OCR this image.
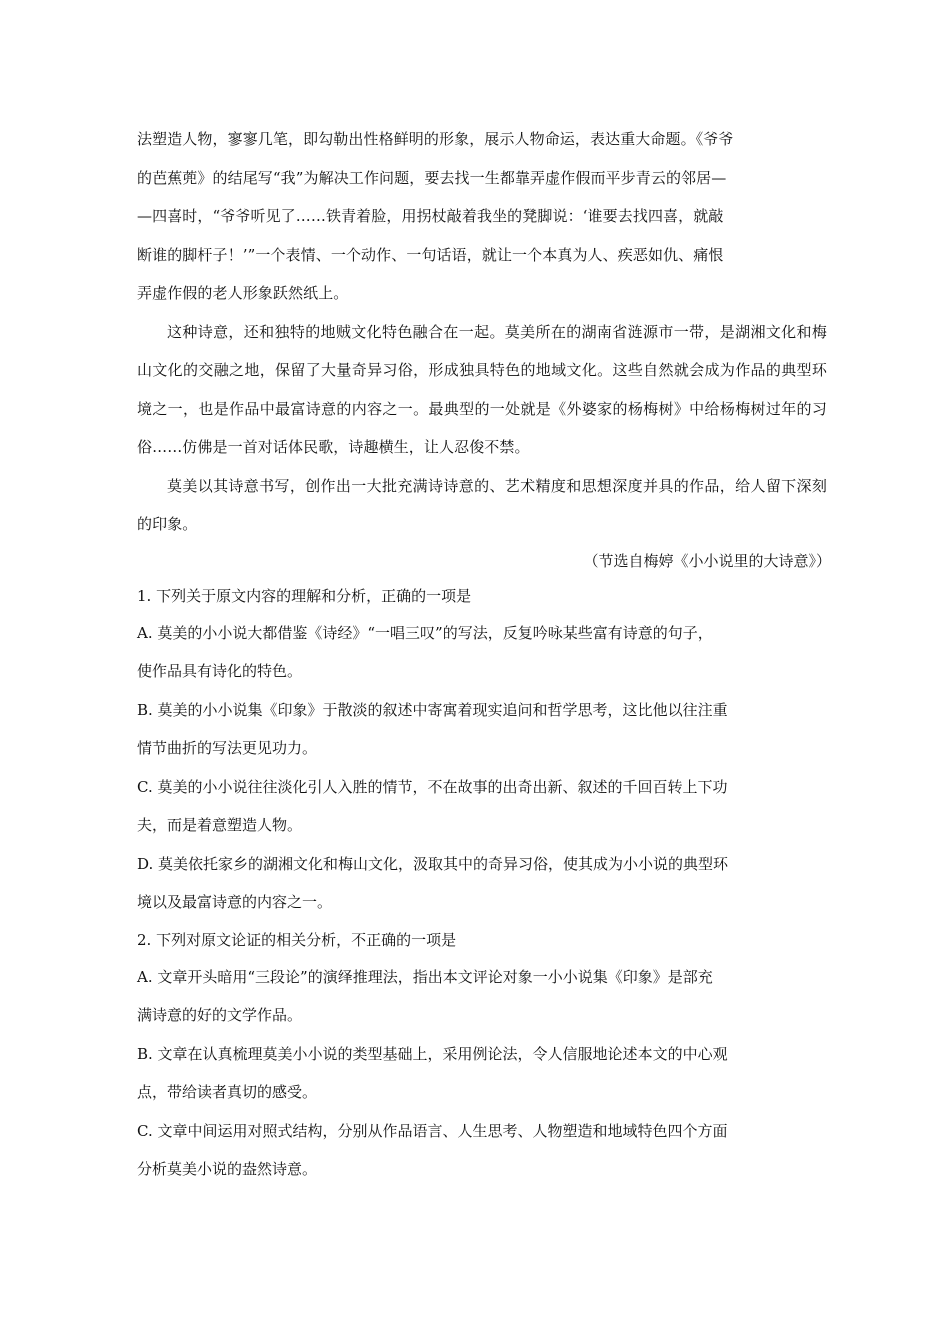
法塑造人物，寥寥几笔，即勾勒出性格鲜明的形象，展示人物命运，表达重大命题。《爷爷
的芭蕉蔸》的结尾写“我”为解决工作问题，要去找一生都靠弄虚作假而平步青云的邻居—
—四喜时，“爷爷听见了……铁青着脸，用拐杖敲着我坐的凳脚说：‘谁要去找四喜，就敲
断谁的脚杆子！’”一个表情、一个动作、一句话语，就让一个本真为人、疾恶如仇、痛恨
弄虚作假的老人形象跃然纸上。

这种诗意，还和独特的地贼文化特色融合在一起。莫美所在的湖南省涟源市一带，是湖湘文化和梅山文化的交融之地，保留了大量奇异习俗，形成独具特色的地域文化。这些自然就会成为作品的典型环境之一，也是作品中最富诗意的内容之一。最典型的一处就是《外婆家的杨梅树》中给杨梅树过年的习俗……仿佛是一首对话体民歌，诗趣横生，让人忍俊不禁。

莫美以其诗意书写，创作出一大批充满诗诗意的、艺术精度和思想深度并具的作品，给人留下深刻的印象。

（节选自梅婷《小小说里的大诗意》）

1. 下列关于原文内容的理解和分析，正确的一项是

A. 莫美的小小说大都借鉴《诗经》“一唱三叹”的写法，反复吟咏某些富有诗意的句子，
使作品具有诗化的特色。
B. 莫美的小小说集《印象》于散淡的叙述中寄寓着现实追问和哲学思考，这比他以往注重
情节曲折的写法更见功力。
C. 莫美的小小说往往淡化引人入胜的情节，不在故事的出奇出新、叙述的千回百转上下功
夫，而是着意塑造人物。
D. 莫美依托家乡的湖湘文化和梅山文化，汲取其中的奇异习俗，使其成为小小说的典型环
境以及最富诗意的内容之一。

2. 下列对原文论证的相关分析，不正确的一项是

A. 文章开头暗用“三段论”的演绎推理法，指出本文评论对象一小小说集《印象》是部充
满诗意的好的文学作品。
B. 文章在认真梳理莫美小小说的类型基础上，采用例论法，令人信服地论述本文的中心观
点，带给读者真切的感受。
C. 文章中间运用对照式结构，分别从作品语言、人生思考、人物塑造和地域特色四个方面
分析莫美小说的盎然诗意。
